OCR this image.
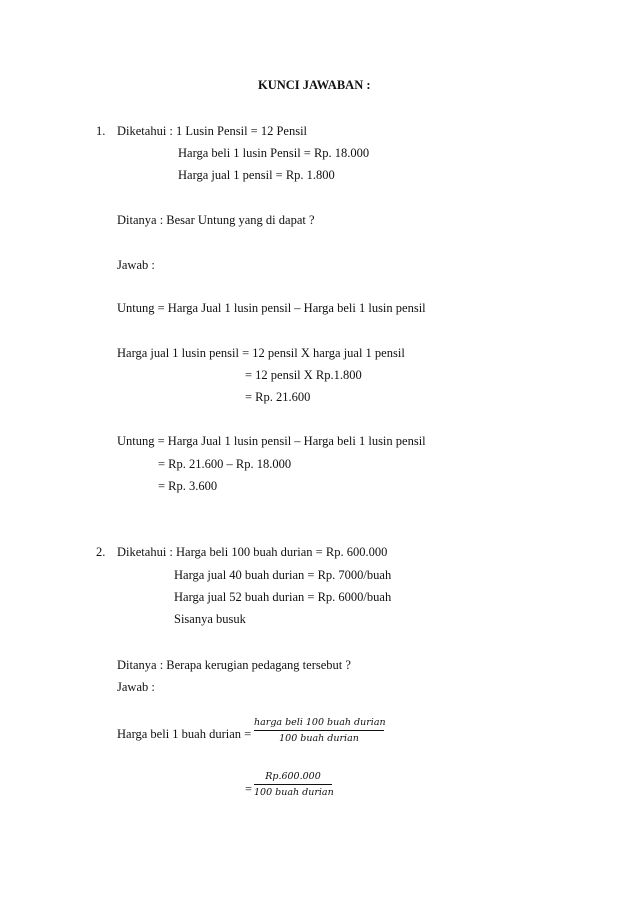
KUNCI JAWABAN :
1. Diketahui : 1 Lusin Pensil = 12 Pensil
Harga beli 1 lusin Pensil = Rp. 18.000
Harga jual 1 pensil = Rp. 1.800
Ditanya : Besar Untung yang di dapat ?
Jawab :
Untung = Harga Jual 1 lusin pensil – Harga beli 1 lusin pensil
Harga jual 1 lusin pensil = 12 pensil X harga jual 1 pensil
= 12 pensil X Rp.1.800
= Rp. 21.600
Untung = Harga Jual 1 lusin pensil – Harga beli 1 lusin pensil
= Rp. 21.600 – Rp. 18.000
= Rp. 3.600
2. Diketahui : Harga beli 100 buah durian = Rp. 600.000
Harga jual 40 buah durian = Rp. 7000/buah
Harga jual 52 buah durian = Rp. 6000/buah
Sisanya busuk
Ditanya : Berapa kerugian pedagang tersebut ?
Jawab :
Harga beli 1 buah durian =
harga beli 100 buah durian
100 buah durian
=
Rp.600.000
100 buah durian
